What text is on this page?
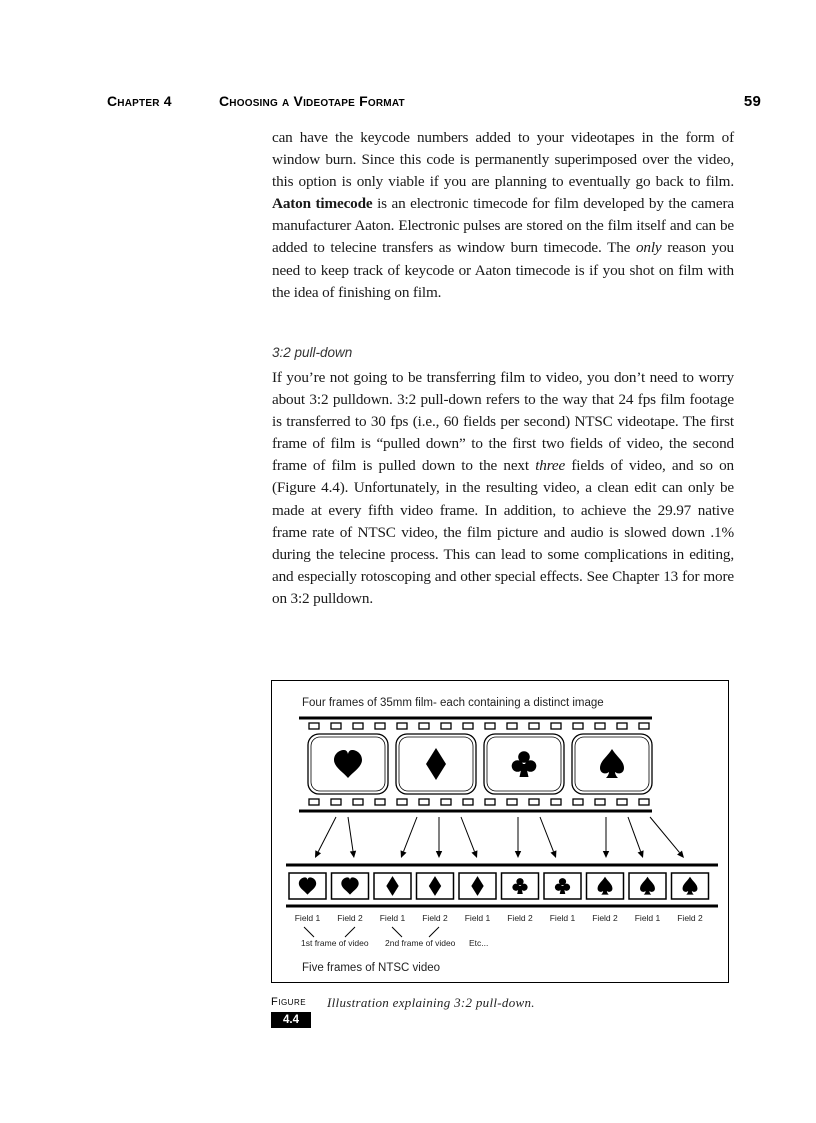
Chapter 4	Choosing a Videotape Format	59
can have the keycode numbers added to your videotapes in the form of window burn. Since this code is permanently superimposed over the video, this option is only viable if you are planning to eventually go back to film. Aaton timecode is an electronic timecode for film developed by the camera manufacturer Aaton. Electronic pulses are stored on the film itself and can be added to telecine transfers as window burn timecode. The only reason you need to keep track of keycode or Aaton timecode is if you shot on film with the idea of finishing on film.
3:2 pull-down
If you’re not going to be transferring film to video, you don’t need to worry about 3:2 pulldown. 3:2 pull-down refers to the way that 24 fps film footage is transferred to 30 fps (i.e., 60 fields per second) NTSC videotape. The first frame of film is “pulled down” to the first two fields of video, the second frame of film is pulled down to the next three fields of video, and so on (Figure 4.4). Unfortunately, in the resulting video, a clean edit can only be made at every fifth video frame. In addition, to achieve the 29.97 native frame rate of NTSC video, the film picture and audio is slowed down .1% during the telecine process. This can lead to some complications in editing, and especially rotoscoping and other special effects. See Chapter 13 for more on 3:2 pulldown.
Four frames of 35mm film- each containing a distinct image
Field 1 Field 2 Field 1 Field 2 Field 1 Field 2 Field 1 Field 2 Field 1 Field 2
1st frame of video 2nd frame of video Etc...
Five frames of NTSC video
Figure
4.4
Illustration explaining 3:2 pull-down.
